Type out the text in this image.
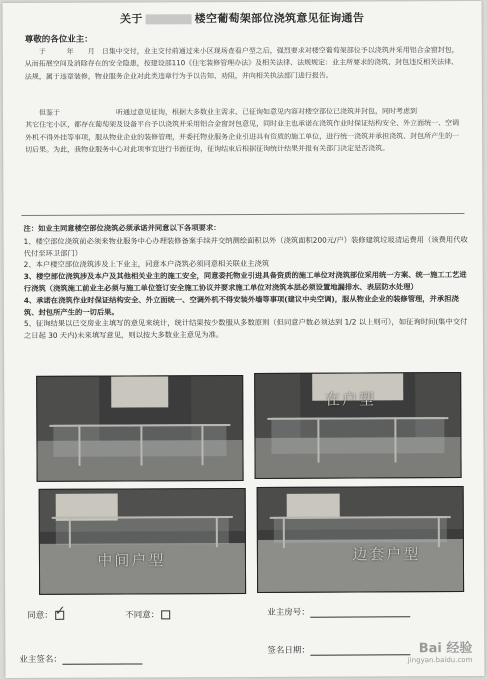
关于	楼空葡萄架部位浇筑意见征询通告
尊敬的各位业主：

于　　　年　　月　日集中交付，业主交付前通过来小区现场查看户型之后，强烈要求对楼空葡萄架部位予以浇筑并采用铝合金窗封包，从而拓展空间及消除存在的安全隐患，按建设部110《住宅装修管理办法》及相关法律、法规规定：业主所要求的浇筑、封包违反相关法律、法规，属于违章装修，物业服务企业对此类违章行为予以告知、劝阻，并向相关执法部门进行报告。

但鉴于　　　　　　　　听通过意见征询，根据大多数业主需求，已征询如意见内容对楼空部位已浇筑并封包，同时考虑到　　　　　　　　其它住宅小区，都存在葡萄架及设备平台予以浇筑并采用铝合金窗封包意见，同时业主也承诺在浇筑作业时保证结构安全、外立面统一、空调外机不得外挂等事项，服从物业企业的装修管理，并委托物业服务企业引进具有资质的施工单位，进行统一浇筑并承担浇筑、封包所产生的一切后果。为此，我物业服务中心对此项事宜进行书面征询，征询结束后根据征询统计结果并报有关部门决定是否浇筑。

注：如业主同意楼空部位浇筑必须承诺并同意以下各项要求：

1、楼空部位浇筑前必须来物业服务中心办理装修备案手续并交纳测绘面积以外（浇筑面积200元/户）装修建筑垃圾清运费用（该费用代收代付至环卫部门）

2、本户楼空部位浇筑涉及上下业主，同意本户浇筑必须同意相关联业主浇筑

3、楼空部位浇筑涉及本户及其他相关业主的施工安全，同意委托物业引进具备资质的施工单位对浇筑部位采用统一方案、统一施工工艺进行浇筑（浇筑施工前业主必须与施工单位签订安全施工协议并要求施工单位对浇筑本层必须设置地漏排水、表层防水处理）

4、承诺在浇筑作业时保证结构安全、外立面统一、空调外机不得安装外墙等事项(建议中央空调)，服从物业企业的装修管理，并承担浇筑、封包所产生的一切后果。

5、征询结果以已交房业主填写的意见来统计，统计结果按少数服从多数原则（但同意户数必须达到 1/2 以上则可），如征询时间(集中交付之日起 30 天内)未来填写意见，则以按大多数业主意见为准。

在户型
中间户型	边套户型
同意： ✓	不同意：	业主房号：
业主签名：
签名日期：	Bai 经验
jingyan.baidu.com
